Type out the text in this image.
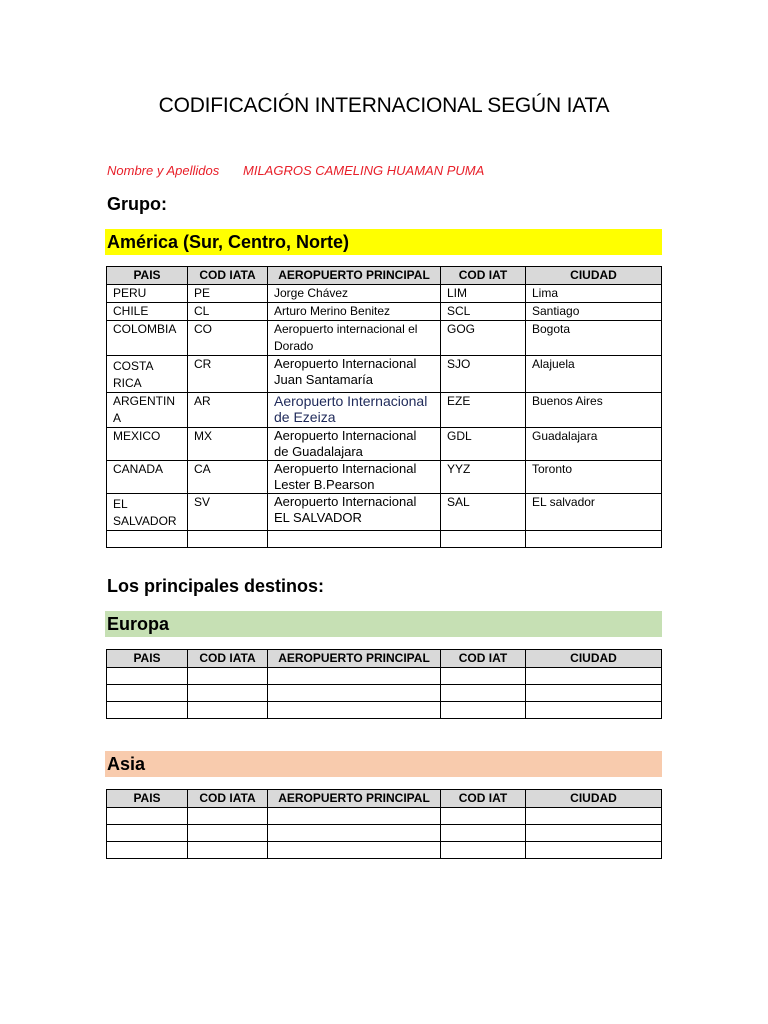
CODIFICACIÓN INTERNACIONAL SEGÚN IATA
Nombre y Apellidos MILAGROS CAMELING HUAMAN PUMA
Grupo:
América (Sur, Centro, Norte)
PAIS	COD IATA	AEROPUERTO PRINCIPAL	COD IAT	CIUDAD
PERU	PE	Jorge Chávez	LIM	Lima
CHILE	CL	Arturo Merino Benitez	SCL	Santiago
COLOMBIA	CO	Aeropuerto internacional el Dorado	GOG	Bogota
COSTA RICA	CR	Aeropuerto Internacional Juan Santamaría	SJO	Alajuela
ARGENTINA	AR	Aeropuerto Internacional de Ezeiza	EZE	Buenos Aires
MEXICO	MX	Aeropuerto Internacional de Guadalajara	GDL	Guadalajara
CANADA	CA	Aeropuerto Internacional Lester B.Pearson	YYZ	Toronto
EL SALVADOR	SV	Aeropuerto Internacional EL SALVADOR	SAL	EL salvador

Los principales destinos:
Europa
PAIS	COD IATA	AEROPUERTO PRINCIPAL	COD IAT	CIUDAD

Asia
PAIS	COD IATA	AEROPUERTO PRINCIPAL	COD IAT	CIUDAD
